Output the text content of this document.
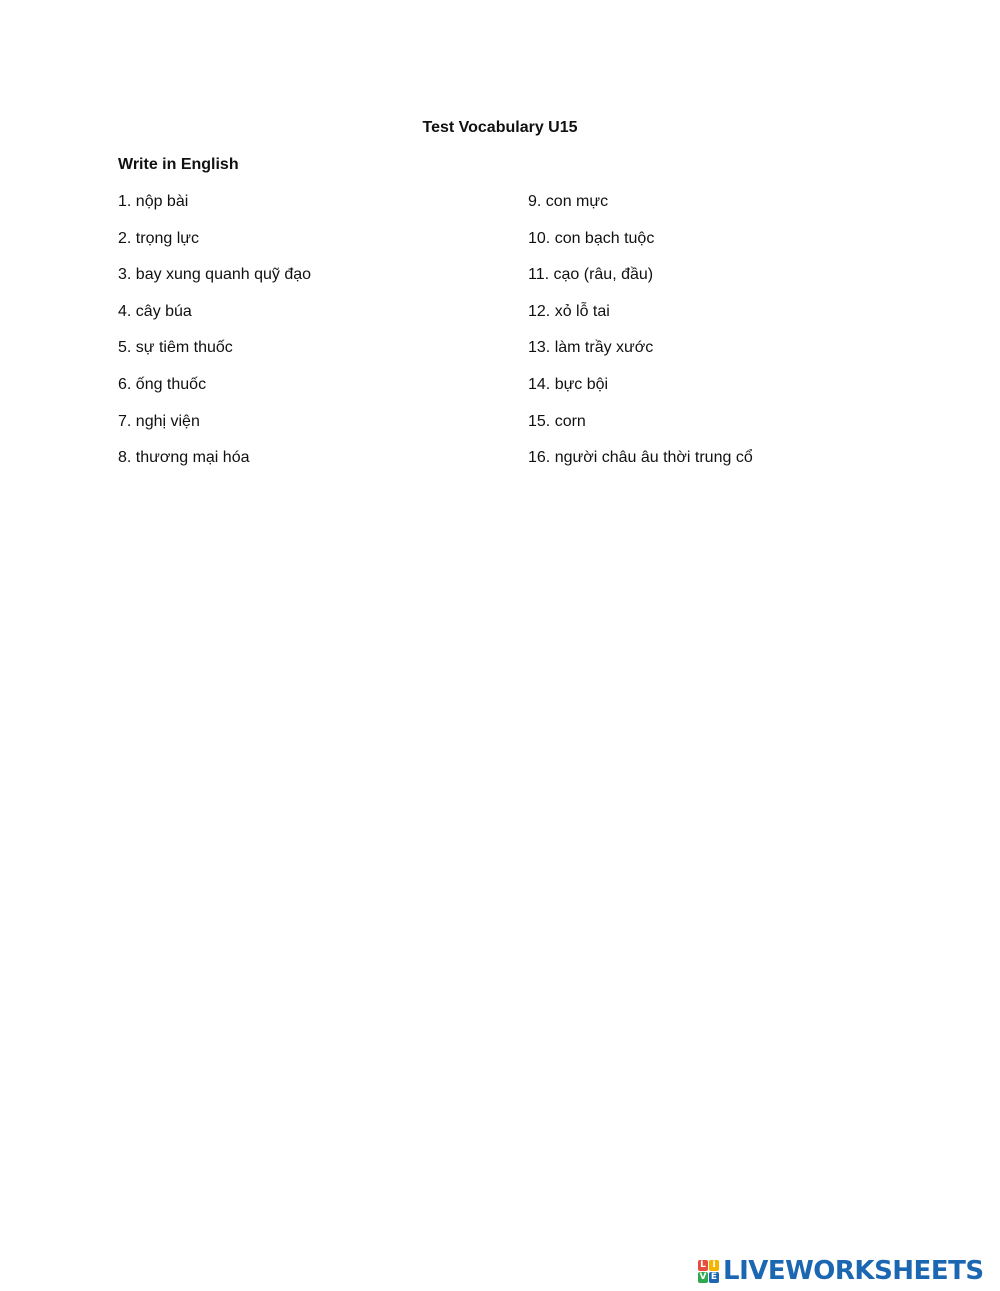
Test Vocabulary U15
Write in English
1. nộp bài
2. trọng lực
3. bay xung quanh quỹ đạo
4. cây búa
5. sự tiêm thuốc
6. ống thuốc
7. nghị viện
8. thương mại hóa
9. con mực
10. con bạch tuộc
11. cạo (râu, đầu)
12. xỏ lỗ tai
13. làm trầy xước
14. bực bội
15. corn
16. người châu âu thời trung cổ
L I
V E LIVEWORKSHEETS
